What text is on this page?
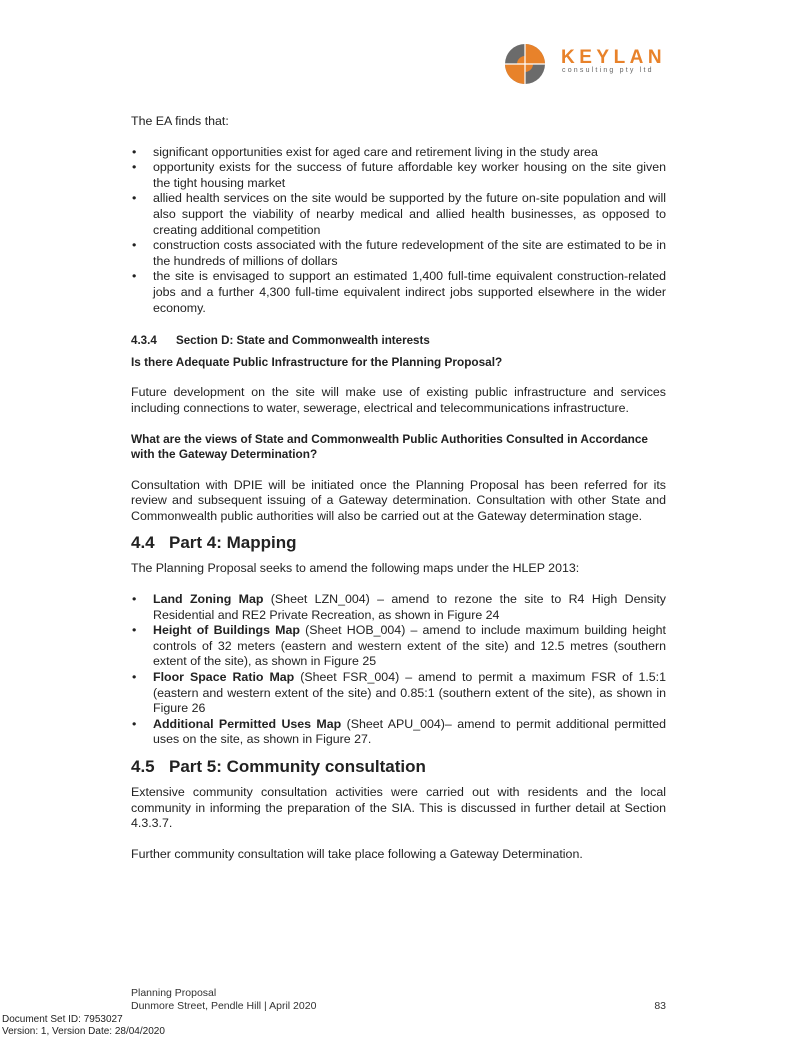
KEYLAN
consulting pty ltd

The EA finds that:

• significant opportunities exist for aged care and retirement living in the study area
• opportunity exists for the success of future affordable key worker housing on the site given the tight housing market
• allied health services on the site would be supported by the future on-site population and will also support the viability of nearby medical and allied health businesses, as opposed to creating additional competition
• construction costs associated with the future redevelopment of the site are estimated to be in the hundreds of millions of dollars
• the site is envisaged to support an estimated 1,400 full-time equivalent construction-related jobs and a further 4,300 full-time equivalent indirect jobs supported elsewhere in the wider economy.

4.3.4 Section D: State and Commonwealth interests

Is there Adequate Public Infrastructure for the Planning Proposal?

Future development on the site will make use of existing public infrastructure and services including connections to water, sewerage, electrical and telecommunications infrastructure.

What are the views of State and Commonwealth Public Authorities Consulted in Accordance with the Gateway Determination?

Consultation with DPIE will be initiated once the Planning Proposal has been referred for its review and subsequent issuing of a Gateway determination. Consultation with other State and Commonwealth public authorities will also be carried out at the Gateway determination stage.

4.4 Part 4: Mapping

The Planning Proposal seeks to amend the following maps under the HLEP 2013:

• Land Zoning Map (Sheet LZN_004) – amend to rezone the site to R4 High Density Residential and RE2 Private Recreation, as shown in Figure 24
• Height of Buildings Map (Sheet HOB_004) – amend to include maximum building height controls of 32 meters (eastern and western extent of the site) and 12.5 metres (southern extent of the site), as shown in Figure 25
• Floor Space Ratio Map (Sheet FSR_004) – amend to permit a maximum FSR of 1.5:1 (eastern and western extent of the site) and 0.85:1 (southern extent of the site), as shown in Figure 26
• Additional Permitted Uses Map (Sheet APU_004)– amend to permit additional permitted uses on the site, as shown in Figure 27.

4.5 Part 5: Community consultation

Extensive community consultation activities were carried out with residents and the local community in informing the preparation of the SIA. This is discussed in further detail at Section 4.3.3.7.

Further community consultation will take place following a Gateway Determination.

Planning Proposal
Dunmore Street, Pendle Hill | April 2020	83
Document Set ID: 7953027
Version: 1, Version Date: 28/04/2020
